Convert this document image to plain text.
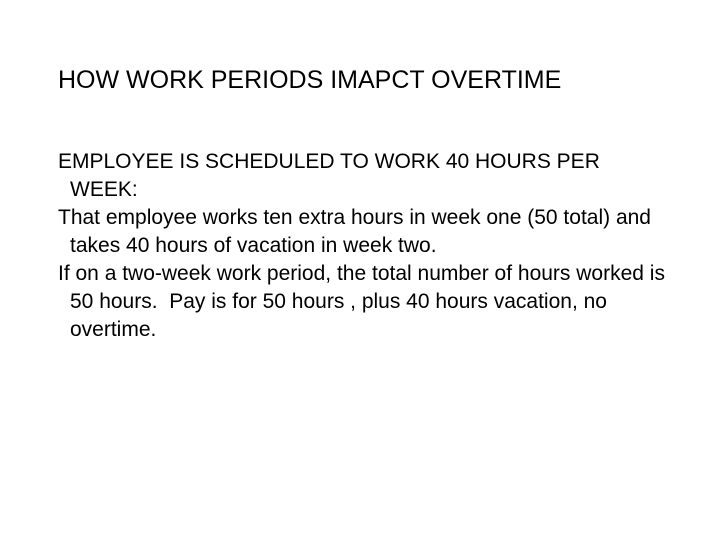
HOW WORK PERIODS IMAPCT OVERTIME

EMPLOYEE IS SCHEDULED TO WORK 40 HOURS PER WEEK:

That employee works ten extra hours in week one (50 total) and takes 40 hours of vacation in week two.

If on a two-week work period, the total number of hours worked is 50 hours.  Pay is for 50 hours , plus 40 hours vacation, no overtime.
